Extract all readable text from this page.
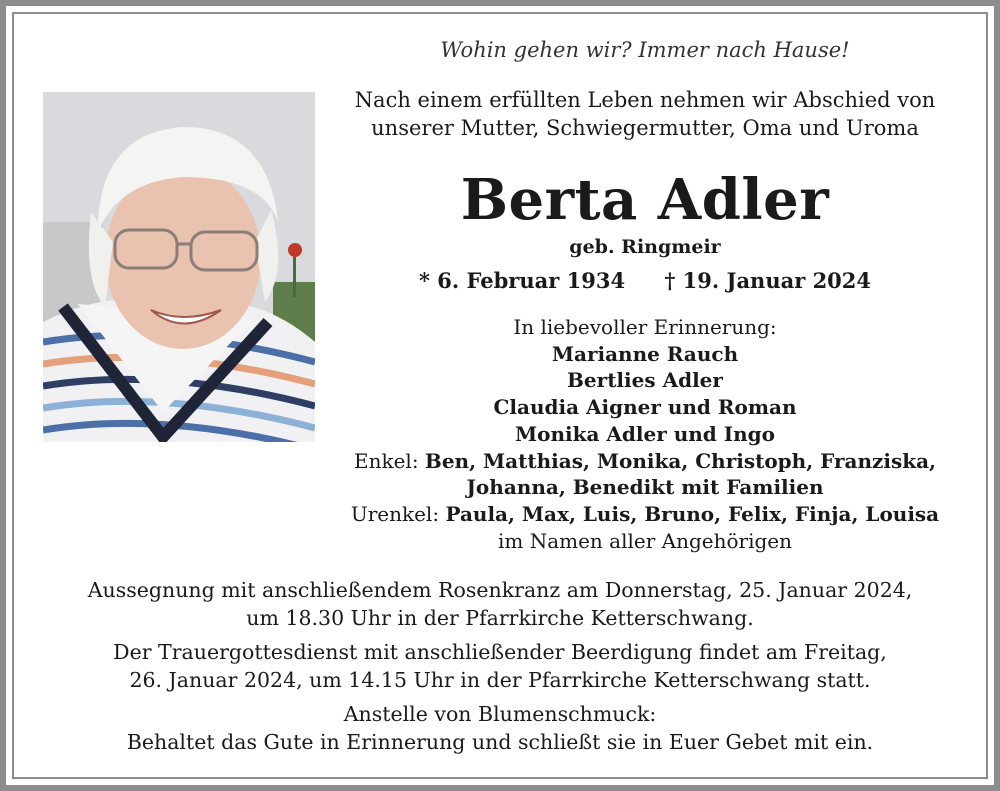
Wohin gehen wir? Immer nach Hause!
Nach einem erfüllten Leben nehmen wir Abschied von
unserer Mutter, Schwiegermutter, Oma und Uroma
Berta Adler
geb. Ringmeir
* 6. Februar 1934 † 19. Januar 2024
In liebevoller Erinnerung:
Marianne Rauch
Bertlies Adler
Claudia Aigner und Roman
Monika Adler und Ingo
Enkel: Ben, Matthias, Monika, Christoph, Franziska,
Johanna, Benedikt mit Familien
Urenkel: Paula, Max, Luis, Bruno, Felix, Finja, Louisa
im Namen aller Angehörigen

Aussegnung mit anschließendem Rosenkranz am Donnerstag, 25. Januar 2024,
um 18.30 Uhr in der Pfarrkirche Ketterschwang.

Der Trauergottesdienst mit anschließender Beerdigung findet am Freitag,
26. Januar 2024, um 14.15 Uhr in der Pfarrkirche Ketterschwang statt.

Anstelle von Blumenschmuck:
Behaltet das Gute in Erinnerung und schließt sie in Euer Gebet mit ein.
